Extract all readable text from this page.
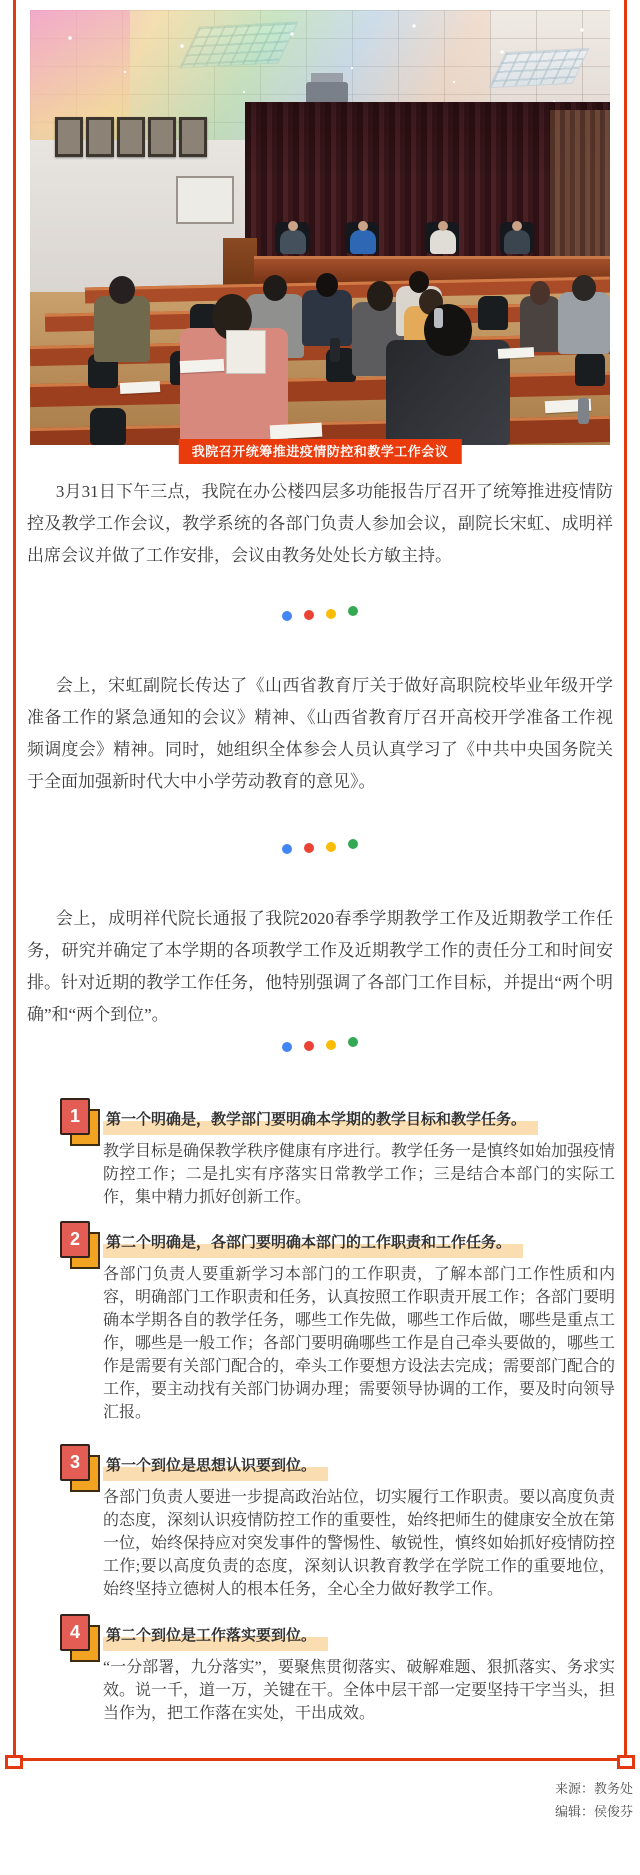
我院召开统筹推进疫情防控和教学工作会议

3月31日下午三点，我院在办公楼四层多功能报告厅召开了统筹推进疫情防控及教学工作会议，教学系统的各部门负责人参加会议，副院长宋虹、成明祥出席会议并做了工作安排，会议由教务处处长方敏主持。

会上，宋虹副院长传达了《山西省教育厅关于做好高职院校毕业年级开学准备工作的紧急通知的会议》精神、《山西省教育厅召开高校开学准备工作视频调度会》精神。同时，她组织全体参会人员认真学习了《中共中央国务院关于全面加强新时代大中小学劳动教育的意见》。

会上，成明祥代院长通报了我院2020春季学期教学工作及近期教学工作任务，研究并确定了本学期的各项教学工作及近期教学工作的责任分工和时间安排。针对近期的教学工作任务，他特别强调了各部门工作目标，并提出“两个明确”和“两个到位”。

1	第一个明确是，教学部门要明确本学期的教学目标和教学任务。
教学目标是确保教学秩序健康有序进行。教学任务一是慎终如始加强疫情防控工作；二是扎实有序落实日常教学工作；三是结合本部门的实际工作，集中精力抓好创新工作。
2	第二个明确是，各部门要明确本部门的工作职责和工作任务。
各部门负责人要重新学习本部门的工作职责，了解本部门工作性质和内容，明确部门工作职责和任务，认真按照工作职责开展工作；各部门要明确本学期各自的教学任务，哪些工作先做，哪些工作后做，哪些是重点工作，哪些是一般工作；各部门要明确哪些工作是自己牵头要做的，哪些工作是需要有关部门配合的，牵头工作要想方设法去完成；需要部门配合的工作，要主动找有关部门协调办理；需要领导协调的工作，要及时向领导汇报。
3	第一个到位是思想认识要到位。
各部门负责人要进一步提高政治站位，切实履行工作职责。要以高度负责的态度，深刻认识疫情防控工作的重要性，始终把师生的健康安全放在第一位，始终保持应对突发事件的警惕性、敏锐性，慎终如始抓好疫情防控工作;要以高度负责的态度，深刻认识教育教学在学院工作的重要地位，始终坚持立德树人的根本任务，全心全力做好教学工作。
4	第二个到位是工作落实要到位。
“一分部署，九分落实”，要聚焦贯彻落实、破解难题、狠抓落实、务求实效。说一千，道一万，关键在干。全体中层干部一定要坚持干字当头，担当作为，把工作落在实处，干出成效。
来源：教务处
编辑：侯俊芬
